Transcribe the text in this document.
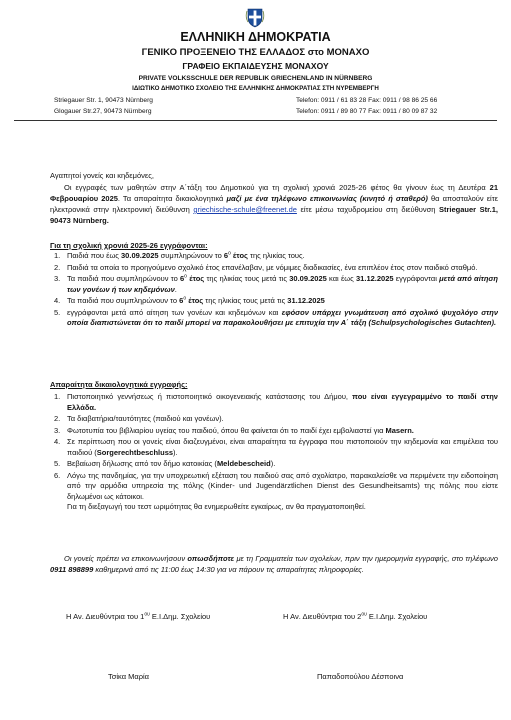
ΕΛΛΗΝΙΚΗ ΔΗΜΟΚΡΑΤΙΑ
ΓΕΝΙΚΟ ΠΡΟΞΕΝΕΙΟ ΤΗΣ ΕΛΛΑΔΟΣ στο ΜΟΝΑΧΟ
ΓΡΑΦΕΙΟ ΕΚΠΑΙΔΕΥΣΗΣ ΜΟΝΑΧΟΥ
PRIVATE VOLKSSCHULE DER REPUBLIK GRIECHENLAND IN NÜRNBERG
ΙΔΙΩΤΙΚΟ ΔΗΜΟΤΙΚΟ ΣΧΟΛΕΙΟ ΤΗΣ ΕΛΛΗΝΙΚΗΣ ΔΗΜΟΚΡΑΤΙΑΣ ΣΤΗ ΝΥΡΕΜΒΕΡΓΗ
Striegauer Str. 1, 90473 Nürnberg	Telefon: 0911 / 61 83 28 Fax: 0911 / 98 86 25 66
Glogauer Str.27, 90473 Nürnberg	Telefon: 0911 / 89 80 77 Fax: 0911 / 80 09 87 32
Αγαπητοί γονείς και κηδεμόνες,
Οι εγγραφές των μαθητών στην Α΄τάξη του Δημοτικού για τη σχολική χρονιά 2025-26 φέτος θα γίνουν έως τη Δευτέρα 21 Φεβρουαρίου 2025. Τα απαραίτητα δικαιολογητικά μαζί με ένα τηλέφωνο επικοινωνίας (κινητό ή σταθερό) θα αποσταλούν είτε ηλεκτρονικά στην ηλεκτρονική διεύθυνση griechische-schule@freenet.de είτε μέσω ταχυδρομείου στη διεύθυνση Striegauer Str.1, 90473 Nürnberg.
Για τη σχολική χρονιά 2025-26 εγγράφονται:

1. Παιδιά που έως 30.09.2025 συμπληρώνουν το $6^o$ έτος της ηλικίας τους.

2. Παιδιά τα οποία το προηγούμενο σχολικό έτος επανέλαβαν, με νόμιμες διαδικασίες, ένα επιπλέον έτος στον παιδικό σταθμό.

3. Τα παιδιά που συμπληρώνουν το $6^o$ έτος της ηλικίας τους μετά τις 30.09.2025 και έως 31.12.2025 εγγράφονται μετά από αίτηση των γονέων ή των κηδεμόνων.

4. Τα παιδιά που συμπληρώνουν το $6^o$ έτος της ηλικίας τους μετά τις 31.12.2025

5. εγγράφονται μετά από αίτηση των γονέων και κηδεμόνων και εφόσον υπάρχει γνωμάτευση από σχολικό ψυχολόγο στην οποία διαπιστώνεται ότι το παιδί μπορεί να παρακολουθήσει με επιτυχία την Α΄ τάξη (Schulpsychologisches Gutachten).

Απαραίτητα δικαιολογητικά εγγραφής:

1. Πιστοποιητικό γεννήσεως ή πιστοποιητικό οικογενειακής κατάστασης του Δήμου, που είναι εγγεγραμμένο το παιδί στην Ελλάδα.

2. Τα διαβατήρια/ταυτότητες (παιδιού και γονέων).

3. Φωτοτυπία του βιβλιαρίου υγείας του παιδιού, όπου θα φαίνεται ότι το παιδί έχει εμβολιαστεί για Masern.

4. Σε περίπτωση που οι γονείς είναι διαζευγμένοι, είναι απαραίτητα τα έγγραφα που πιστοποιούν την κηδεμονία και επιμέλεια του παιδιού (Sorgerechtbeschluss).

5. Βεβαίωση δήλωσης από τον δήμο κατοικίας (Meldebescheid).

6. Λόγω της πανδημίας, για την υποχρεωτική εξέταση του παιδιού σας από σχολίατρο, παρακαλείσθε να περιμένετε την ειδοποίηση από την αρμόδια υπηρεσία της πόλης (Kinder- und Jugendärztlichen Dienst des Gesundheitsamts) της πόλης που είστε δηλωμένοι ως κάτοικοι.

Για τη διεξαγωγή του τεστ ωριμότητας θα ενημερωθείτε εγκαίρως, αν θα πραγματοποιηθεί.

Οι γονείς πρέπει να επικοινωνήσουν οπωσδήποτε με τη Γραμματεία των σχολείων, πριν την ημερομηνία εγγραφής, στο τηλέφωνο 0911 898899 καθημερινά από τις 11:00 έως 14:30 για να πάρουν τις απαραίτητες πληροφορίες.
Η Αν. Διευθύντρια του $1^{o\upsilon}$ Ε.Ι.Δημ. Σχολείου	Η Αν. Διευθύντρια του $2^{o\upsilon}$ Ε.Ι.Δημ. Σχολείου
Τσίκα Μαρία	Παπαδοπούλου Δέσποινα
